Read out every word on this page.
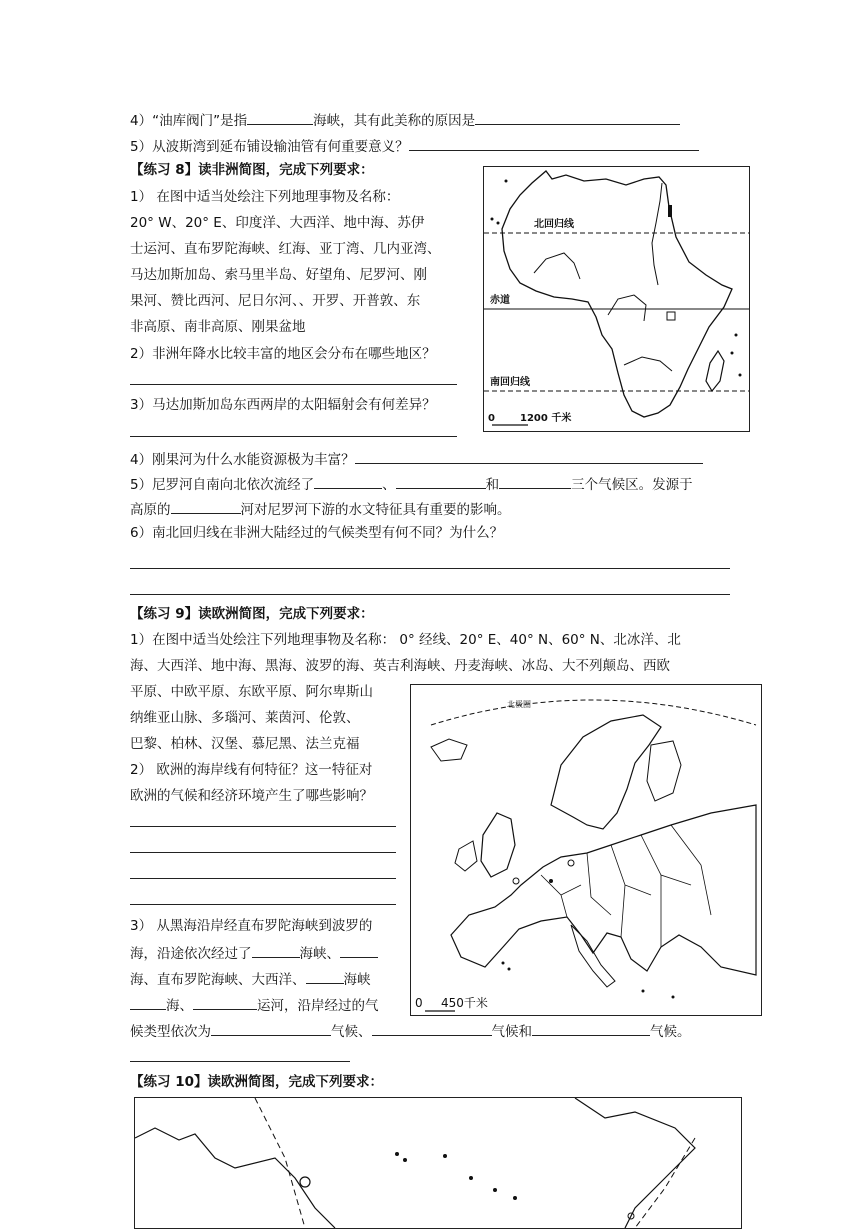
4）“油库阀门”是指	海峡，其有此美称的原因是
5）从波斯湾到延布铺设输油管有何重要意义？
【练习 8】读非洲简图，完成下列要求：
1） 在图中适当处绘注下列地理事物及名称：
20° W、20° E、印度洋、大西洋、地中海、苏伊
士运河、直布罗陀海峡、红海、亚丁湾、几内亚湾、
马达加斯加岛、索马里半岛、好望角、尼罗河、刚
果河、赞比西河、尼日尔河、、开罗、开普敦、东
非高原、南非高原、刚果盆地
2）非洲年降水比较丰富的地区会分布在哪些地区？
3）马达加斯加岛东西两岸的太阳辐射会有何差异？
4）刚果河为什么水能资源极为丰富？
5）尼罗河自南向北依次流经了	、	和	三个气候区。发源于
高原的	河对尼罗河下游的水文特征具有重要的影响。
6）南北回归线在非洲大陆经过的气候类型有何不同？为什么？
北回归线
赤道
南回归线
0	1200 千米
【练习 9】读欧洲简图，完成下列要求：
1）在图中适当处绘注下列地理事物及名称： 0° 经线、20° E、40° N、60° N、北冰洋、北
海、大西洋、地中海、黑海、波罗的海、英吉利海峡、丹麦海峡、冰岛、大不列颠岛、西欧
平原、中欧平原、东欧平原、阿尔卑斯山
纳维亚山脉、多瑙河、莱茵河、伦敦、
巴黎、柏林、汉堡、慕尼黑、法兰克福
2） 欧洲的海岸线有何特征？这一特征对
欧洲的气候和经济环境产生了哪些影响？
3） 从黑海沿岸经直布罗陀海峡到波罗的
海，沿途依次经过了	海峡、
海、直布罗陀海峡、大西洋、	海峡
海、	运河，沿岸经过的气
候类型依次为	气候、	气候和	气候。
北极圈
0 450千米
【练习 10】读欧洲简图，完成下列要求：
